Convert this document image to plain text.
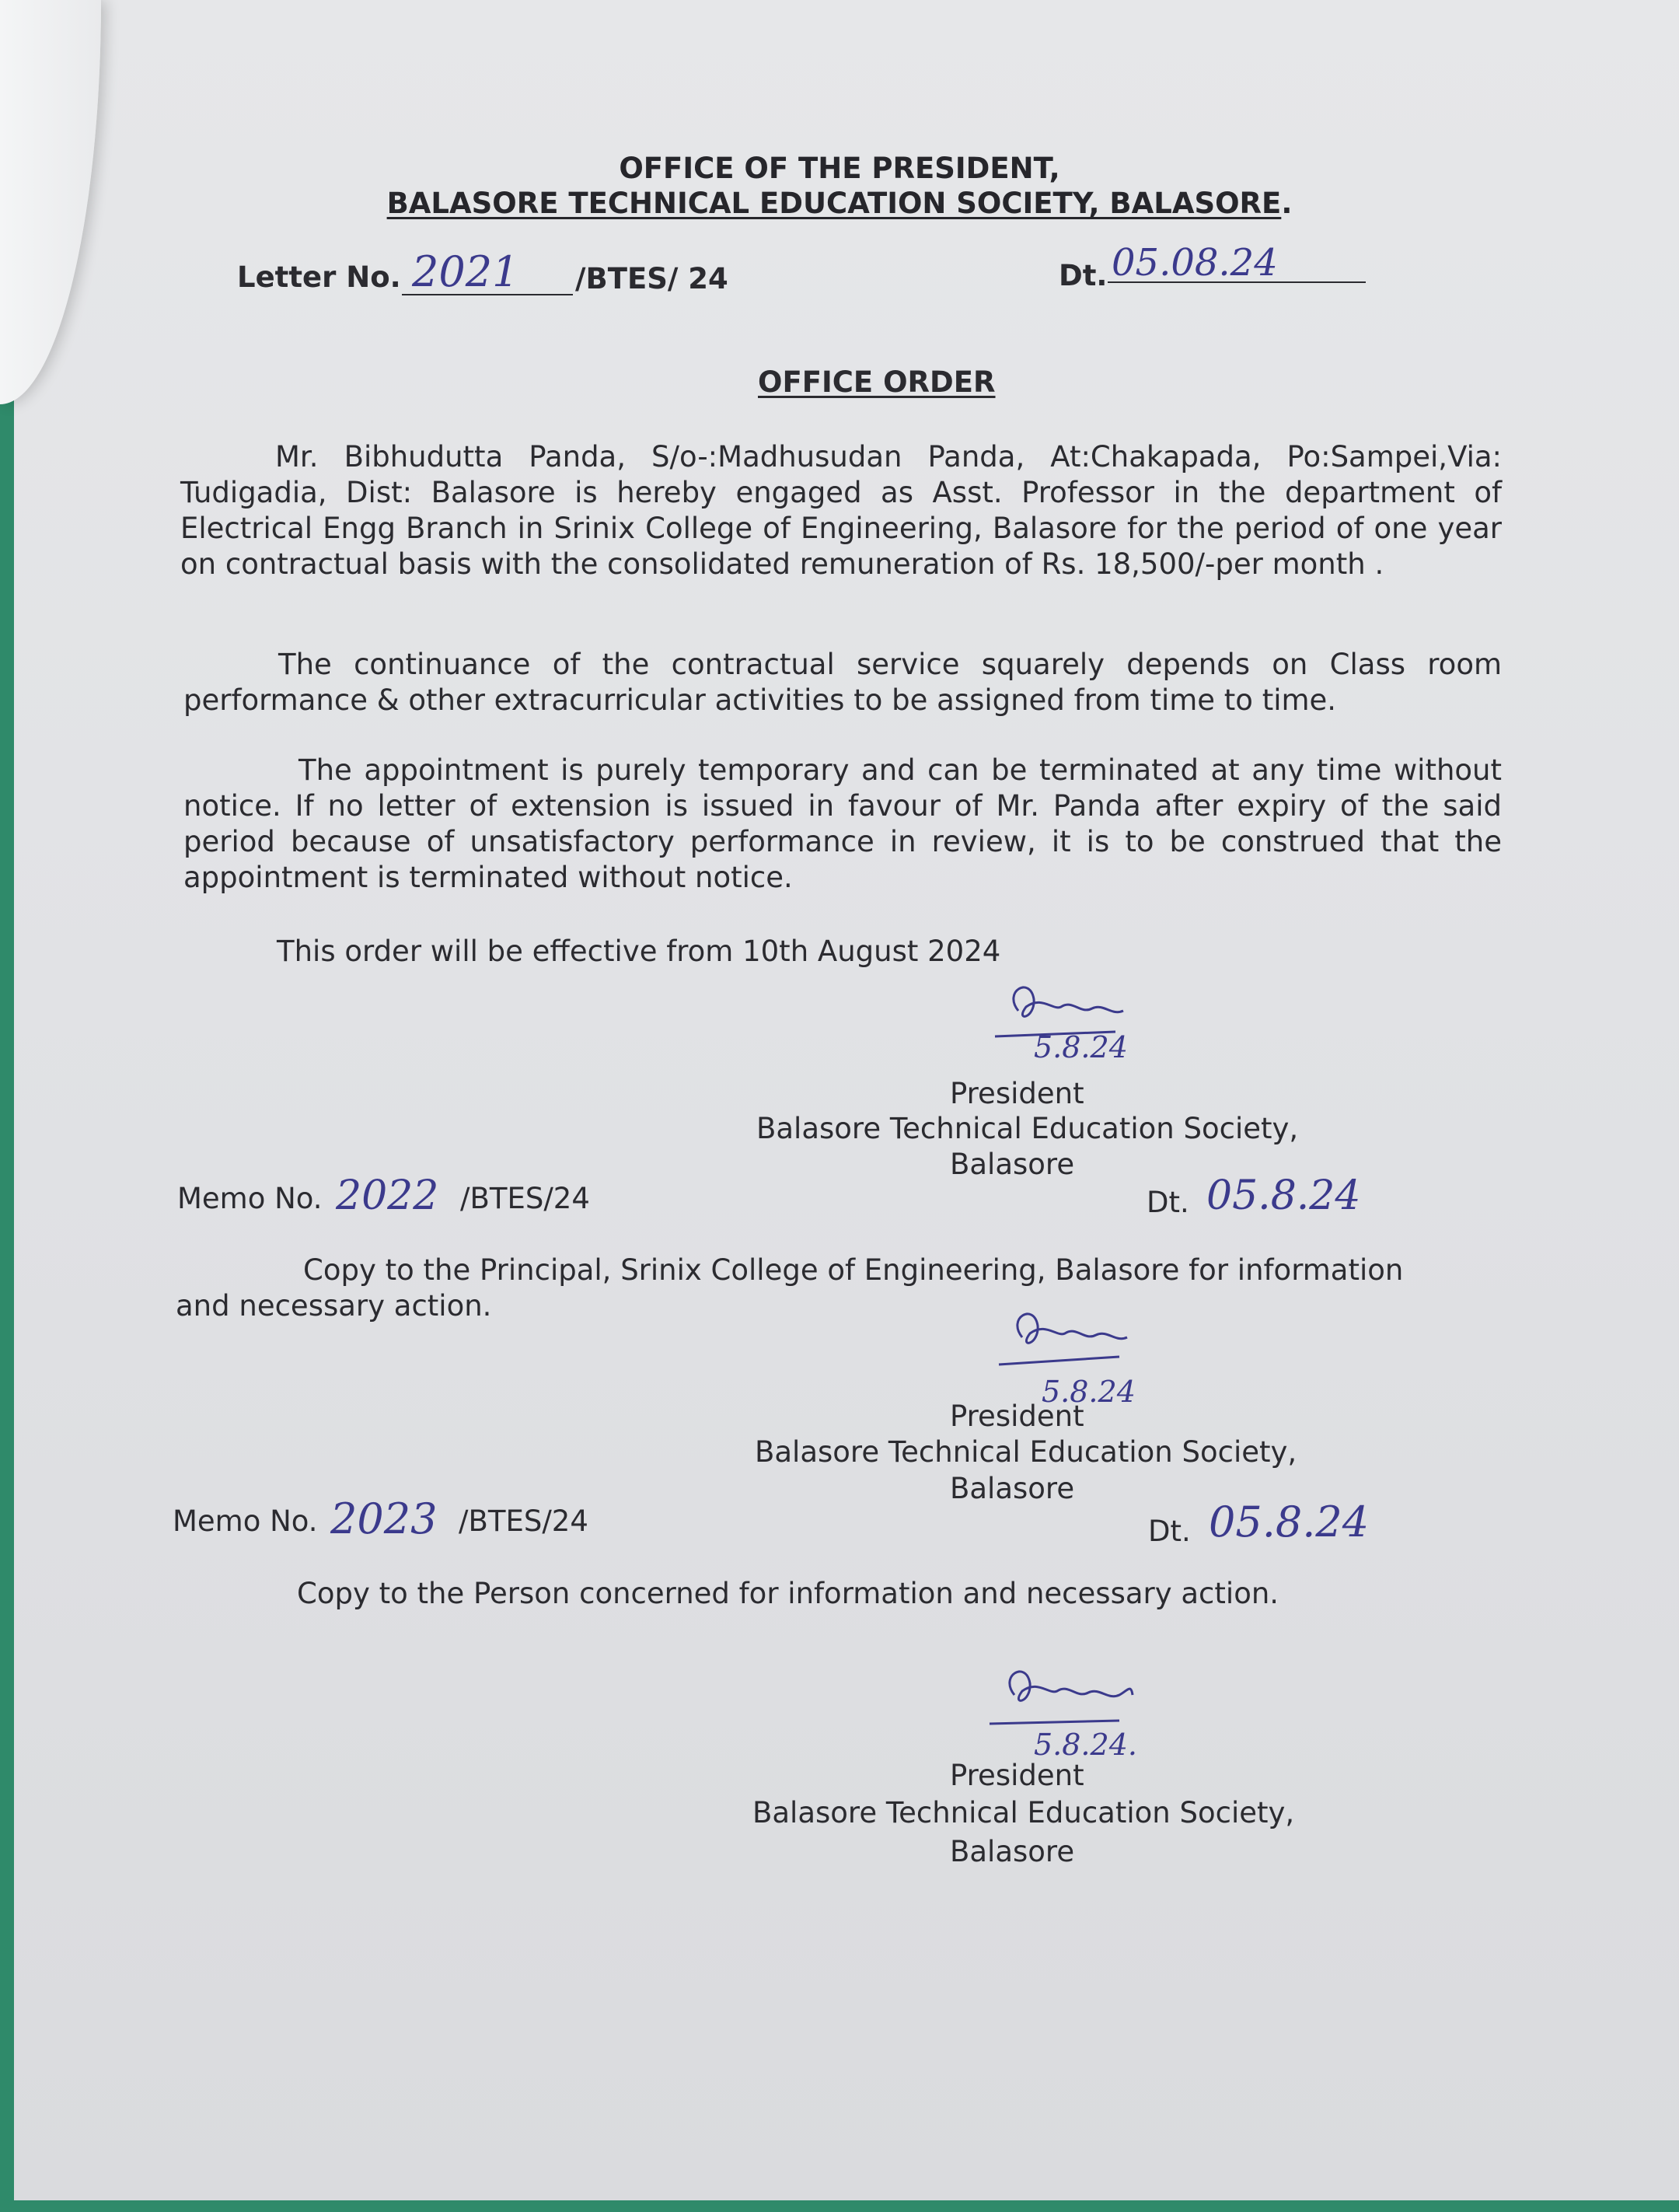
OFFICE OF THE PRESIDENT,
BALASORE TECHNICAL EDUCATION SOCIETY, BALASORE.
Letter No. 2021 /BTES/ 24	Dt. 05.08.24
OFFICE ORDER
Mr. Bibhudutta Panda, S/o-:Madhusudan Panda, At:Chakapada, Po:Sampei,Via: Tudigadia, Dist: Balasore is hereby engaged as Asst. Professor in the department of Electrical Engg Branch in Srinix College of Engineering, Balasore for the period of one year on contractual basis with the consolidated remuneration of Rs. 18,500/-per month .
The continuance of the contractual service squarely depends on Class room performance & other extracurricular activities to be assigned from time to time.
The appointment is purely temporary and can be terminated at any time without notice. If no letter of extension is issued in favour of Mr. Panda after expiry of the said period because of unsatisfactory performance in review, it is to be construed that the appointment is terminated without notice.
This order will be effective from 10th August 2024
5.8.24
President
Balasore Technical Education Society,
Balasore
Memo No. 2022 /BTES/24	Dt. 05.8.24
Copy to the Principal, Srinix College of Engineering, Balasore for information
and necessary action.
5.8.24
President
Balasore Technical Education Society,
Balasore
Memo No. 2023 /BTES/24	Dt. 05.8.24
Copy to the Person concerned for information and necessary action.
5.8.24.
President
Balasore Technical Education Society,
Balasore
